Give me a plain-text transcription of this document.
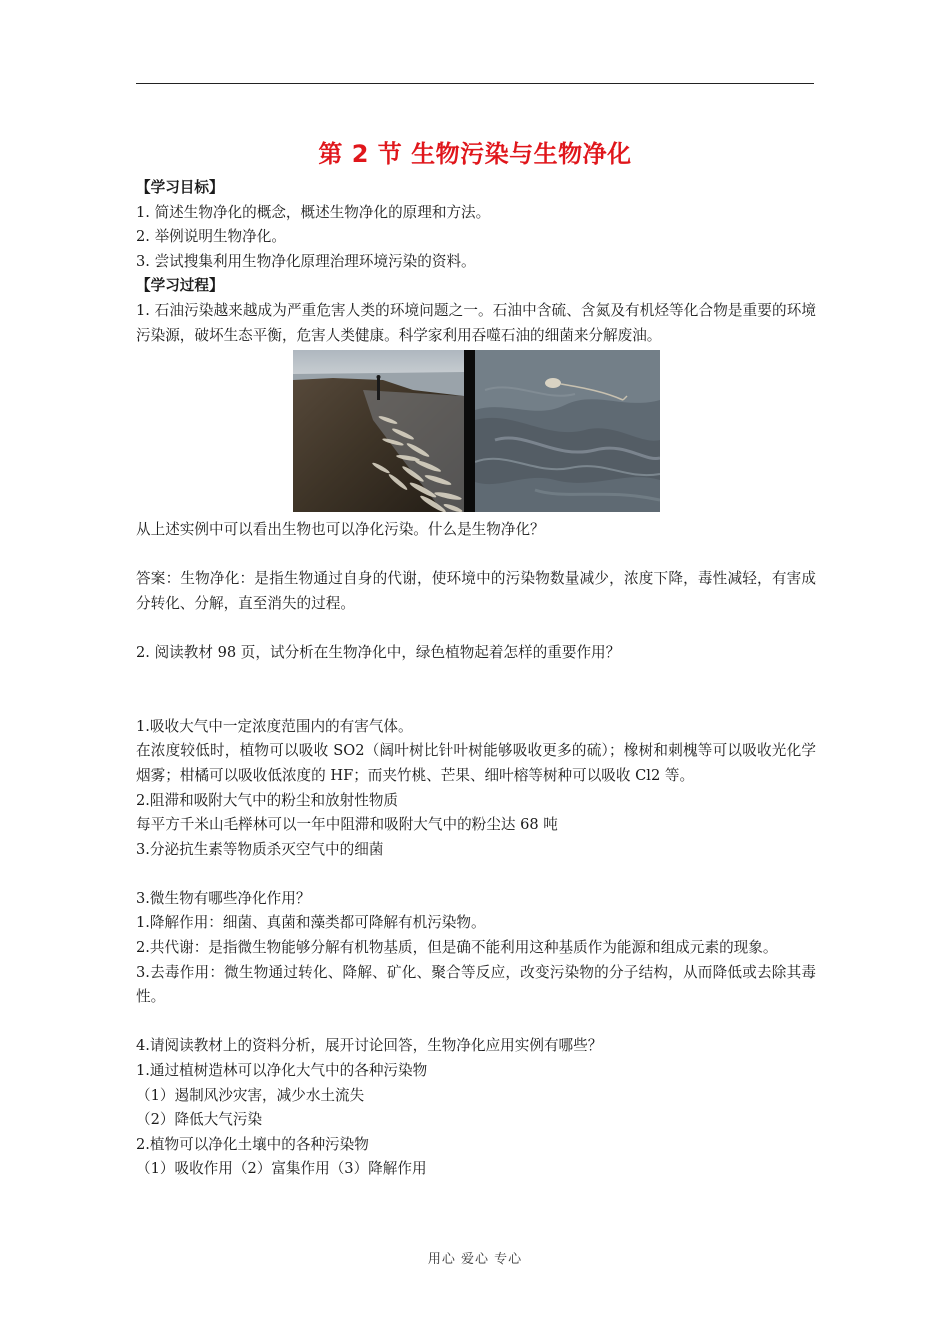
第 2 节 生物污染与生物净化

【学习目标】

1. 简述生物净化的概念，概述生物净化的原理和方法。

2. 举例说明生物净化。

3. 尝试搜集利用生物净化原理治理环境污染的资料。

【学习过程】

1. 石油污染越来越成为严重危害人类的环境问题之一。石油中含硫、含氮及有机烃等化合物是重要的环境污染源，破坏生态平衡，危害人类健康。科学家利用吞噬石油的细菌来分解废油。

从上述实例中可以看出生物也可以净化污染。什么是生物净化？

答案：生物净化：是指生物通过自身的代谢，使环境中的污染物数量减少，浓度下降，毒性减轻，有害成分转化、分解，直至消失的过程。

2. 阅读教材 98 页，试分析在生物净化中，绿色植物起着怎样的重要作用？

1.吸收大气中一定浓度范围内的有害气体。

在浓度较低时，植物可以吸收 SO2（阔叶树比针叶树能够吸收更多的硫）；橡树和刺槐等可以吸收光化学烟雾；柑橘可以吸收低浓度的 HF；而夹竹桃、芒果、细叶榕等树种可以吸收 Cl2 等。

2.阻滞和吸附大气中的粉尘和放射性物质

每平方千米山毛榉林可以一年中阻滞和吸附大气中的粉尘达 68 吨

3.分泌抗生素等物质杀灭空气中的细菌

3.微生物有哪些净化作用？

1.降解作用：细菌、真菌和藻类都可降解有机污染物。

2.共代谢：是指微生物能够分解有机物基质，但是确不能利用这种基质作为能源和组成元素的现象。

3.去毒作用：微生物通过转化、降解、矿化、聚合等反应，改变污染物的分子结构，从而降低或去除其毒性。

4.请阅读教材上的资料分析，展开讨论回答，生物净化应用实例有哪些？

1.通过植树造林可以净化大气中的各种污染物

（1）遏制风沙灾害，减少水土流失

（2）降低大气污染

2.植物可以净化土壤中的各种污染物

（1）吸收作用（2）富集作用（3）降解作用

用心 爱心 专心
